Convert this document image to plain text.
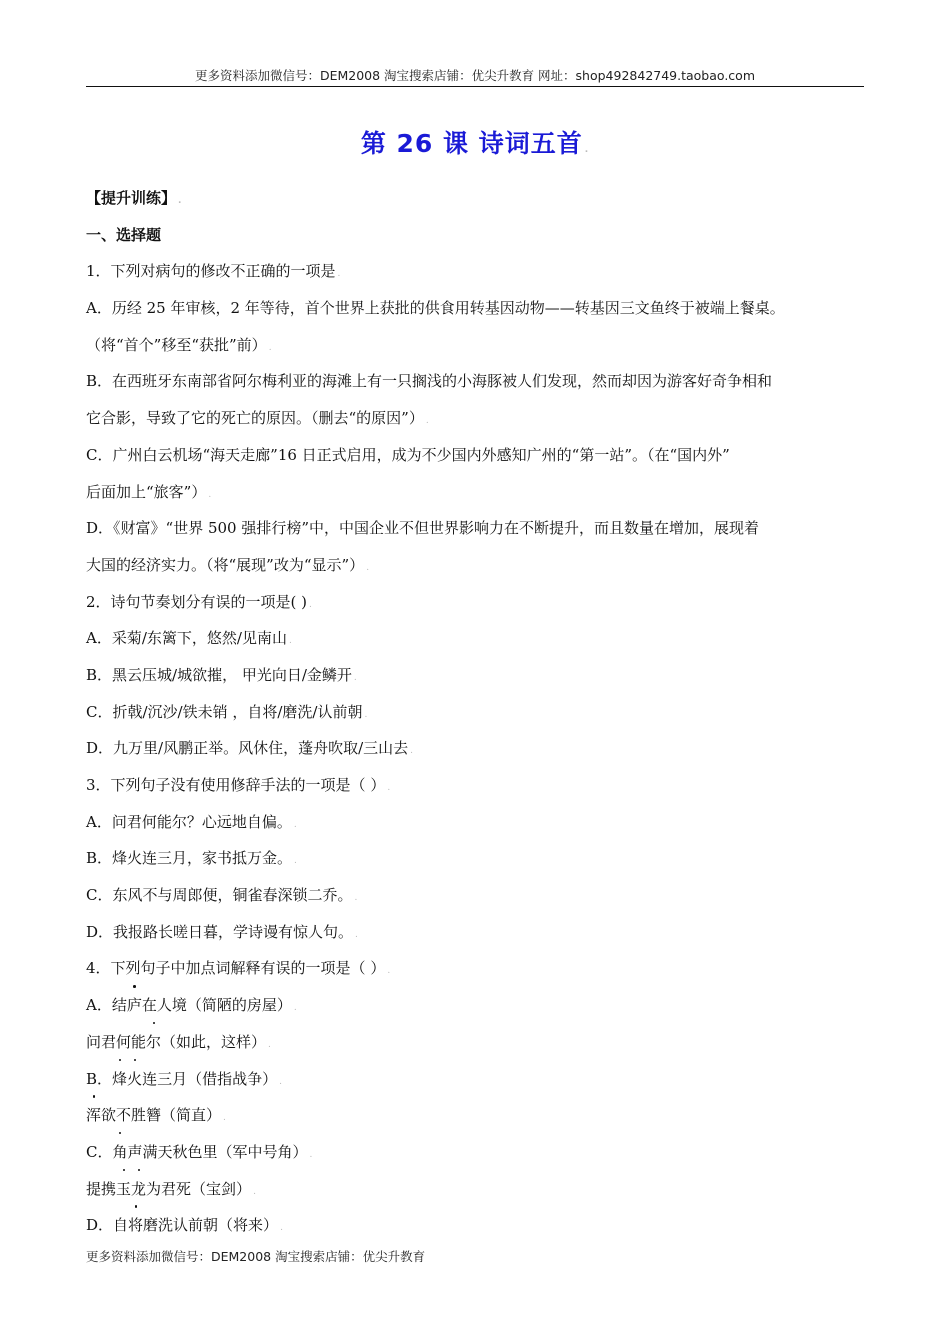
更多资料添加微信号：DEM2008 淘宝搜索店铺：优尖升教育 网址：shop492842749.taobao.com
第 26 课 诗词五首 .
【提升训练】 .
一、选择题
1．下列对病句的修改不正确的一项是 .
A．历经 25 年审核，2 年等待，首个世界上获批的供食用转基因动物——转基因三文鱼终于被端上餐桌。
（将“首个”移至“获批”前） .
B．在西班牙东南部省阿尔梅利亚的海滩上有一只搁浅的小海豚被人们发现，然而却因为游客好奇争相和
它合影，导致了它的死亡的原因。（删去“的原因”） .
C．广州白云机场“海天走廊”16 日正式启用，成为不少国内外感知广州的“第一站”。（在“国内外”
后面加上“旅客”） .
D．《财富》“世界 500 强排行榜”中，中国企业不但世界影响力在不断提升，而且数量在增加，展现着
大国的经济实力。（将“展现”改为“显示”） .
2．诗句节奏划分有误的一项是( ) .
A．采菊/东篱下，悠然/见南山 .
B．黑云压城/城欲摧， 甲光向日/金鳞开 .
C．折戟/沉沙/铁未销 ，自将/磨洗/认前朝 .
D．九万里/风鹏正举。风休住，蓬舟吹取/三山去 .
3．下列句子没有使用修辞手法的一项是（ ） .
A．问君何能尔？心远地自偏。 .
B．烽火连三月，家书抵万金。 .
C．东风不与周郎便，铜雀春深锁二乔。 .
D．我报路长嗟日暮，学诗谩有惊人句。 .
4．下列句子中加点词解释有误的一项是（ ） .
A．结庐在人境（简陋的房屋） .
问君何能尔（如此，这样） .
B．烽火连三月（借指战争） .
浑欲不胜簪（简直） .
C．角声满天秋色里（军中号角） .
提携玉龙为君死（宝剑） .
D．自将磨洗认前朝（将来） .
更多资料添加微信号：DEM2008 淘宝搜索店铺：优尖升教育
